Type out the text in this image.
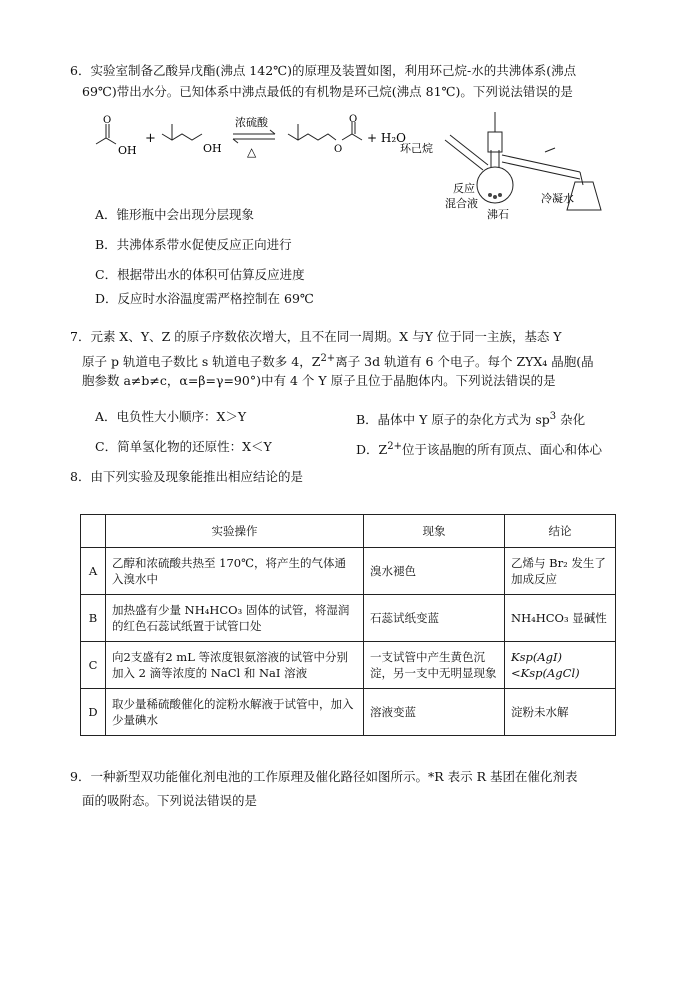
6．实验室制备乙酸异戊酯(沸点 142℃)的原理及装置如图，利用环己烷-水的共沸体系(沸点
69℃)带出水分。已知体系中沸点最低的有机物是环己烷(沸点 81℃)。下列说法错误的是
O
OH
+
OH
浓硫酸
△	O
O
+ H₂O
环己烷
反应
混合液
沸石
冷凝水
A．锥形瓶中会出现分层现象
B．共沸体系带水促使反应正向进行
C．根据带出水的体积可估算反应进度
D．反应时水浴温度需严格控制在 69℃
7．元素 X、Y、Z 的原子序数依次增大，且不在同一周期。X 与Y 位于同一主族，基态 Y
原子 p 轨道电子数比 s 轨道电子数多 4，$Z^{2+}$离子 3d 轨道有 6 个电子。每个 ZYX₄ 晶胞(晶
胞参数 a≠b≠c，α=β=γ=90°)中有 4 个 Y 原子且位于晶胞体内。下列说法错误的是
A．电负性大小顺序：X＞Y	B．晶体中 Y 原子的杂化方式为 $sp^3$ 杂化
C．简单氢化物的还原性：X＜Y	D．$Z^{2+}$位于该晶胞的所有顶点、面心和体心
8．由下列实验及现象能推出相应结论的是
	实验操作	现象	结论
A	乙醇和浓硫酸共热至 170℃，将产生的气体通入溴水中	溴水褪色	乙烯与 Br₂ 发生了加成反应
B	加热盛有少量 NH₄HCO₃ 固体的试管，将湿润的红色石蕊试纸置于试管口处	石蕊试纸变蓝	NH₄HCO₃ 显碱性
C	向2支盛有2 mL 等浓度银氨溶液的试管中分别加入 2 滴等浓度的 NaCl 和 NaI 溶液	一支试管中产生黄色沉淀，另一支中无明显现象	Ksp(AgI)<Ksp(AgCl)
D	取少量稀硫酸催化的淀粉水解液于试管中，加入少量碘水	溶液变蓝	淀粉未水解
9．一种新型双功能催化剂电池的工作原理及催化路径如图所示。*R 表示 R 基团在催化剂表
面的吸附态。下列说法错误的是
